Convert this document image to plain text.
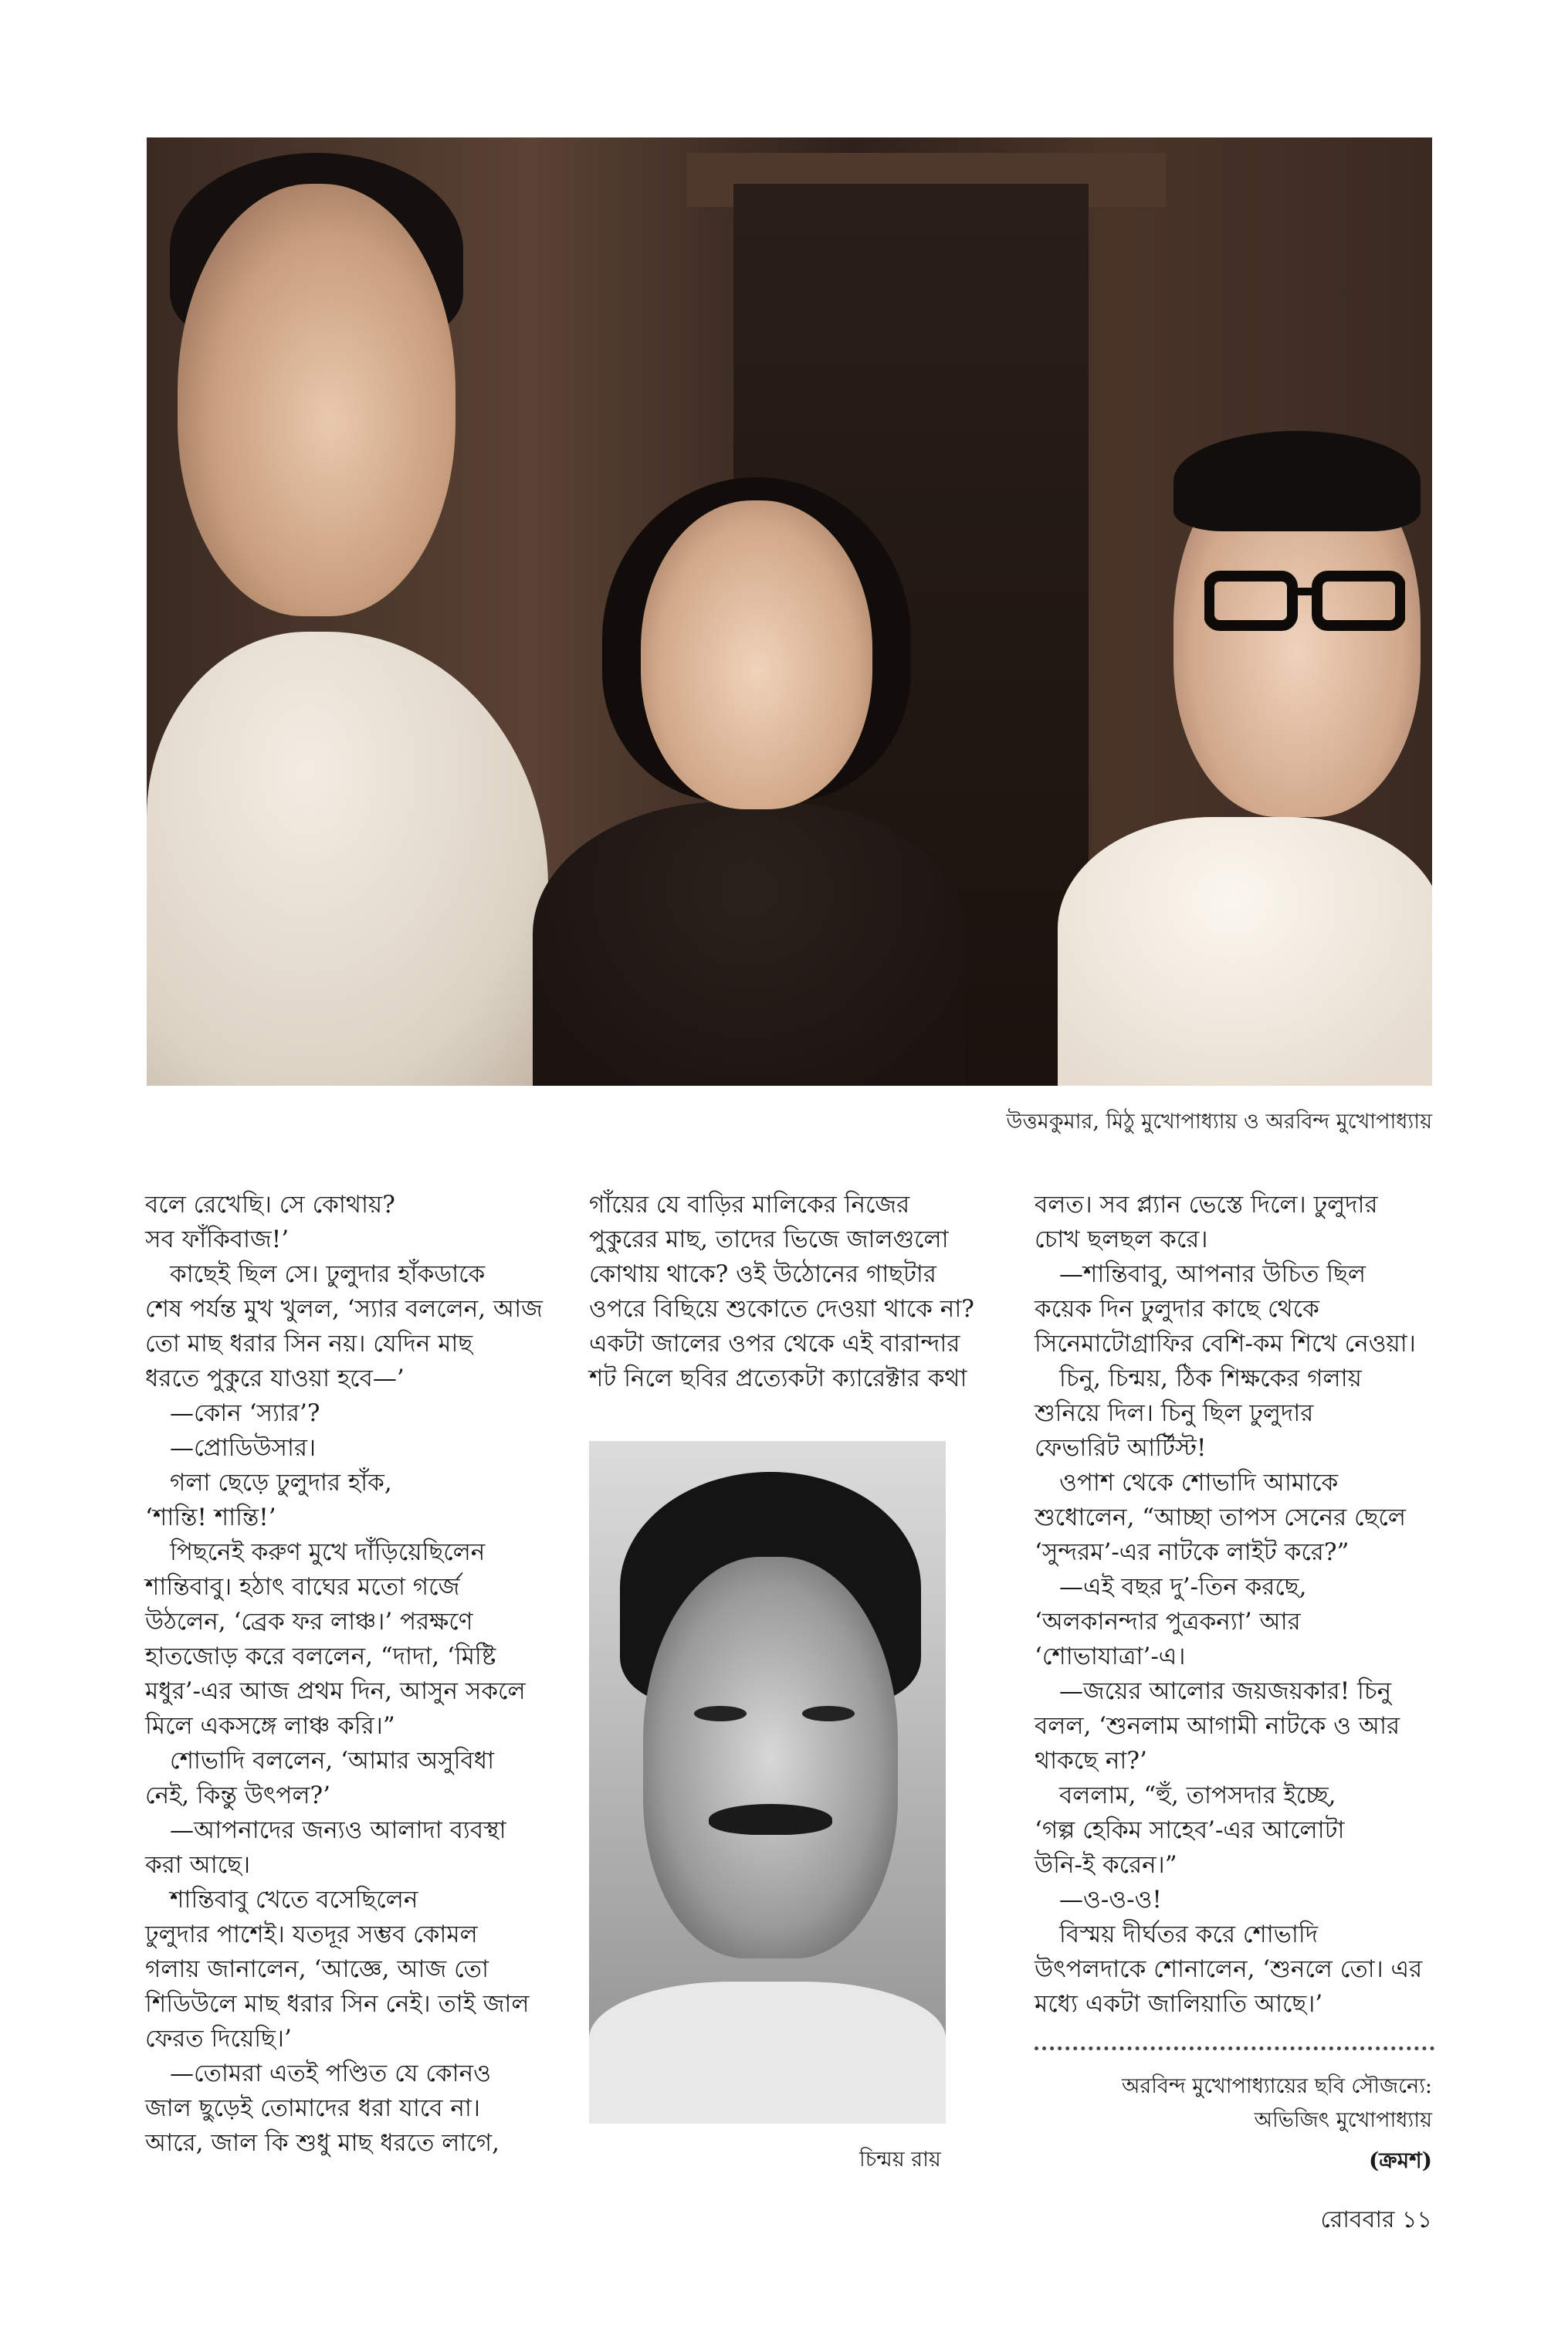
উত্তমকুমার, মিঠু মুখোপাধ্যায় ও অরবিন্দ মুখোপাধ্যায়

বলে রেখেছি। সে কোথায়?

সব ফাঁকিবাজ!’

কাছেই ছিল সে। ঢুলুদার হাঁকডাকে

শেষ পর্যন্ত মুখ খুলল, ‘স্যার বললেন, আজ

তো মাছ ধরার সিন নয়। যেদিন মাছ

ধরতে পুকুরে যাওয়া হবে—’

—কোন ‘স্যার’?

—প্রোডিউসার।

গলা ছেড়ে ঢুলুদার হাঁক,

‘শান্তি! শান্তি!’

পিছনেই করুণ মুখে দাঁড়িয়েছিলেন

শান্তিবাবু। হঠাৎ বাঘের মতো গর্জে

উঠলেন, ‘ব্রেক ফর লাঞ্চ।’ পরক্ষণে

হাতজোড় করে বললেন, “দাদা, ‘মিষ্টি

মধুর’-এর আজ প্রথম দিন, আসুন সকলে

মিলে একসঙ্গে লাঞ্চ করি।”

শোভাদি বললেন, ‘আমার অসুবিধা

নেই, কিন্তু উৎপল?’

—আপনাদের জন্যও আলাদা ব্যবস্থা

করা আছে।

শান্তিবাবু খেতে বসেছিলেন

ঢুলুদার পাশেই। যতদূর সম্ভব কোমল

গলায় জানালেন, ‘আজ্ঞে, আজ তো

শিডিউলে মাছ ধরার সিন নেই। তাই জাল

ফেরত দিয়েছি।’

—তোমরা এতই পণ্ডিত যে কোনও

জাল ছুড়েই তোমাদের ধরা যাবে না।

আরে, জাল কি শুধু মাছ ধরতে লাগে,

গাঁয়ের যে বাড়ির মালিকের নিজের

পুকুরের মাছ, তাদের ভিজে জালগুলো

কোথায় থাকে? ওই উঠোনের গাছটার

ওপরে বিছিয়ে শুকোতে দেওয়া থাকে না?

একটা জালের ওপর থেকে এই বারান্দার

শট নিলে ছবির প্রত্যেকটা ক্যারেক্টার কথা

বলত। সব প্ল্যান ভেস্তে দিলে। ঢুলুদার

চোখ ছলছল করে।

—শান্তিবাবু, আপনার উচিত ছিল

কয়েক দিন ঢুলুদার কাছে থেকে

সিনেমাটোগ্রাফির বেশি-কম শিখে নেওয়া।

চিনু, চিন্ময়, ঠিক শিক্ষকের গলায়

শুনিয়ে দিল। চিনু ছিল ঢুলুদার

ফেভারিট আর্টিস্ট!

ওপাশ থেকে শোভাদি আমাকে

শুধোলেন, “আচ্ছা তাপস সেনের ছেলে

‘সুন্দরম’-এর নাটকে লাইট করে?”

—এই বছর দু’-তিন করছে,

‘অলকানন্দার পুত্রকন্যা’ আর

‘শোভাযাত্রা’-এ।

—জয়ের আলোর জয়জয়কার! চিনু

বলল, ‘শুনলাম আগামী নাটকে ও আর

থাকছে না?’

বললাম, “হুঁ, তাপসদার ইচ্ছে,

‘গল্প হেকিম সাহেব’-এর আলোটা

উনি-ই করেন।”

—ও-ও-ও!

বিস্ময় দীর্ঘতর করে শোভাদি

উৎপলদাকে শোনালেন, ‘শুনলে তো। এর

মধ্যে একটা জালিয়াতি আছে।’

চিন্ময় রায়
অরবিন্দ মুখোপাধ্যায়ের ছবি সৌজন্যে:
অভিজিৎ মুখোপাধ্যায়
(ক্রমশ)
রোববার ১১
